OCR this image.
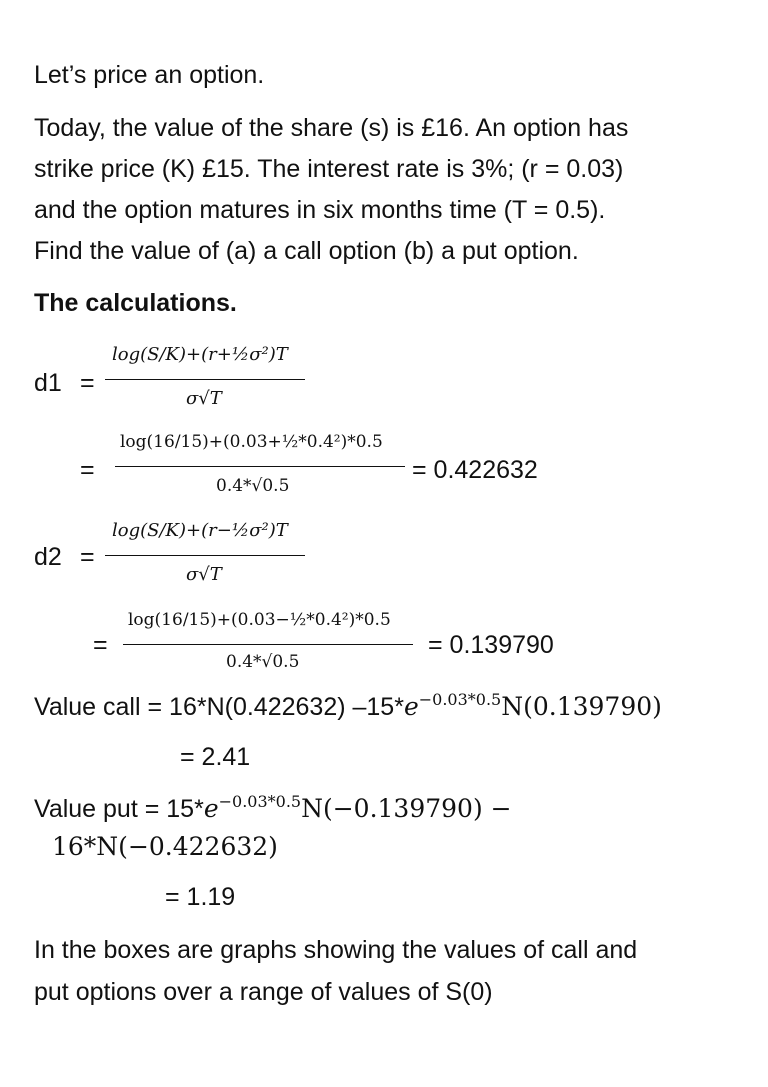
Let’s price an option.
Today, the value of the share (s) is £16. An option has
strike price (K) £15. The interest rate is 3%; (r = 0.03)
and the option matures in six months time (T = 0.5).
Find the value of (a) a call option (b) a put option.
The calculations.
d1 =
log(S/K)+(r+½σ²)T
σ√T
=
log(16/15)+(0.03+½*0.4²)*0.5
0.4*√0.5
= 0.422632
d2 =
log(S/K)+(r−½σ²)T
σ√T
=
log(16/15)+(0.03−½*0.4²)*0.5
0.4*√0.5
= 0.139790
Value call = 16*N(0.422632) $-15*e^{-0.03*0.5}N(0.139790)$
= 2.41
Value put = $15*e^{-0.03*0.5}N(-0.139790)$ −
16*N(−0.422632)
= 1.19
In the boxes are graphs showing the values of call and
put options over a range of values of S(0)
